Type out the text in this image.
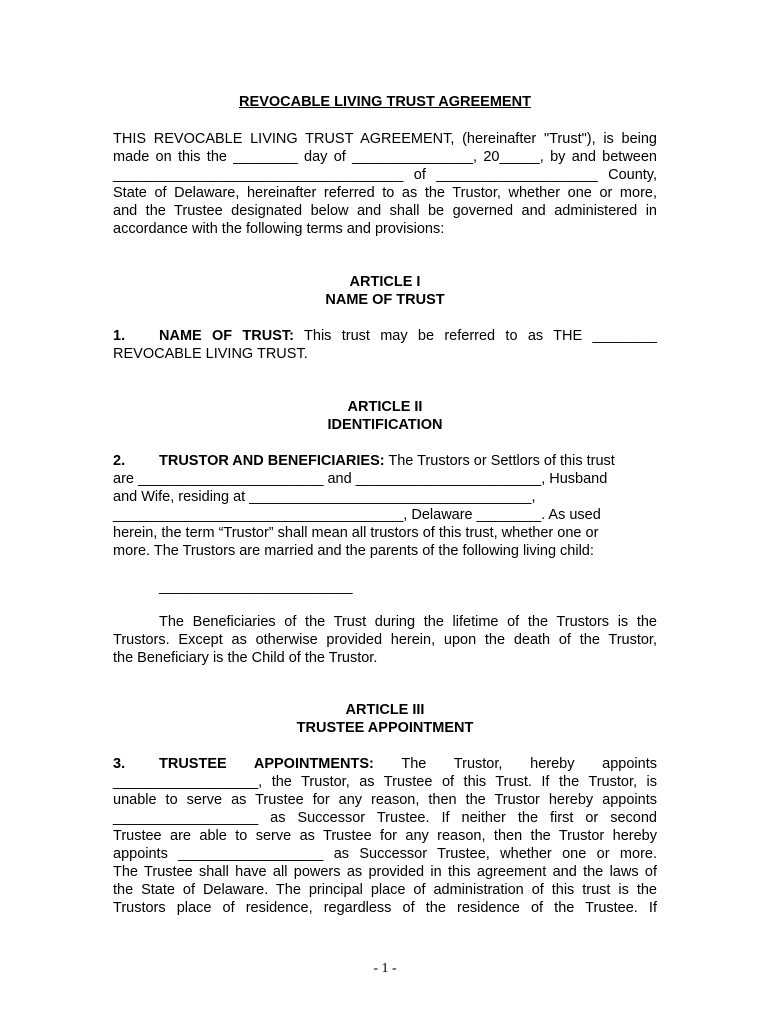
REVOCABLE LIVING TRUST AGREEMENT
THIS REVOCABLE LIVING TRUST AGREEMENT, (hereinafter "Trust"), is being
made on this the ________ day of _______________, 20_____, by and between
____________________________________ of ____________________ County,
State of Delaware, hereinafter referred to as the Trustor, whether one or more,
and the Trustee designated below and shall be governed and administered in
accordance with the following terms and provisions:
ARTICLE I
NAME OF TRUST
1. NAME OF TRUST: This trust may be referred to as THE ________
REVOCABLE LIVING TRUST.
ARTICLE II
IDENTIFICATION
2. TRUSTOR AND BENEFICIARIES: The Trustors or Settlors of this trust
are _______________________ and _______________________, Husband
and Wife, residing at ___________________________________,
____________________________________, Delaware ________. As used
herein, the term “Trustor” shall mean all trustors of this trust, whether one or
more. The Trustors are married and the parents of the following living child:
________________________
The Beneficiaries of the Trust during the lifetime of the Trustors is the
Trustors. Except as otherwise provided herein, upon the death of the Trustor,
the Beneficiary is the Child of the Trustor.
ARTICLE III
TRUSTEE APPOINTMENT
3. TRUSTEE APPOINTMENTS: The Trustor, hereby appoints
__________________, the Trustor, as Trustee of this Trust. If the Trustor, is
unable to serve as Trustee for any reason, then the Trustor hereby appoints
__________________ as Successor Trustee. If neither the first or second
Trustee are able to serve as Trustee for any reason, then the Trustor hereby
appoints __________________ as Successor Trustee, whether one or more.
The Trustee shall have all powers as provided in this agreement and the laws of
the State of Delaware. The principal place of administration of this trust is the
Trustors place of residence, regardless of the residence of the Trustee. If
- 1 -
